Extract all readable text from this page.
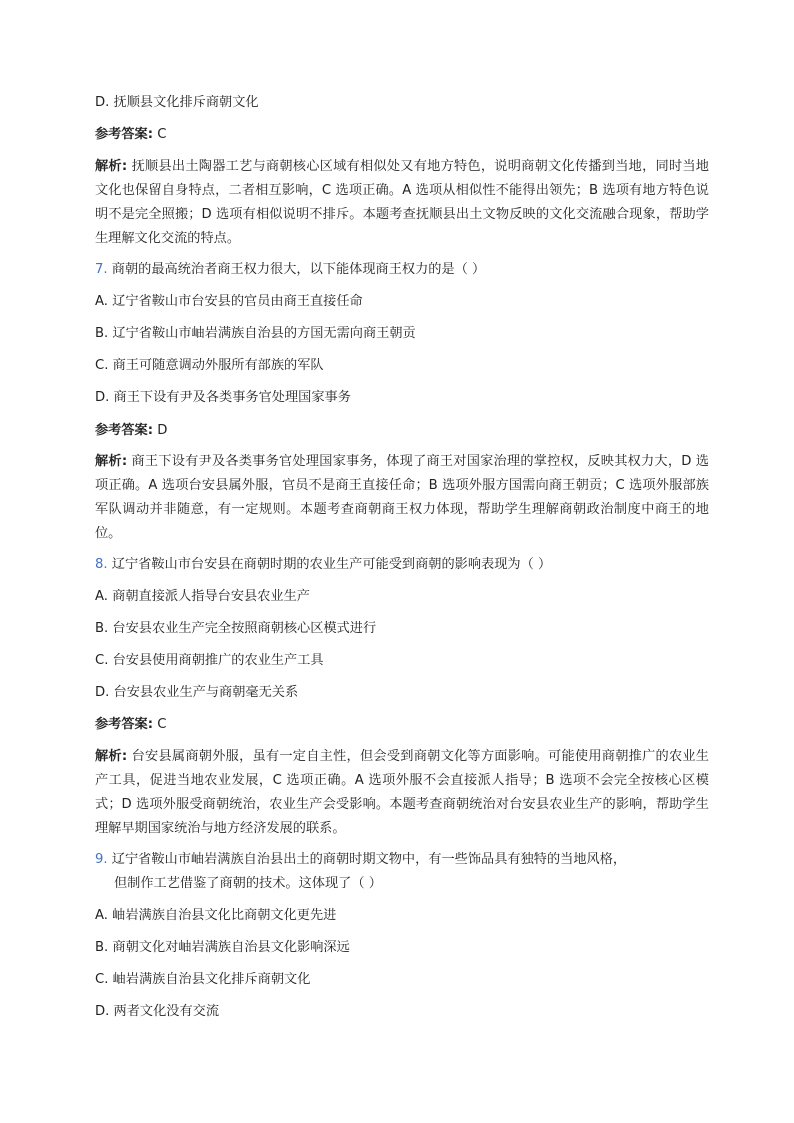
D. 抚顺县文化排斥商朝文化

参考答案: C

解析: 抚顺县出土陶器工艺与商朝核心区域有相似处又有地方特色，说明商朝文化传播到当地，同时当地文化也保留自身特点，二者相互影响，C 选项正确。A 选项从相似性不能得出领先；B 选项有地方特色说明不是完全照搬；D 选项有相似说明不排斥。本题考查抚顺县出土文物反映的文化交流融合现象，帮助学生理解文化交流的特点。

7. 商朝的最高统治者商王权力很大，以下能体现商王权力的是（ ）

A. 辽宁省鞍山市台安县的官员由商王直接任命

B. 辽宁省鞍山市岫岩满族自治县的方国无需向商王朝贡

C. 商王可随意调动外服所有部族的军队

D. 商王下设有尹及各类事务官处理国家事务

参考答案: D

解析: 商王下设有尹及各类事务官处理国家事务，体现了商王对国家治理的掌控权，反映其权力大，D 选项正确。A 选项台安县属外服，官员不是商王直接任命；B 选项外服方国需向商王朝贡；C 选项外服部族军队调动并非随意，有一定规则。本题考查商朝商王权力体现，帮助学生理解商朝政治制度中商王的地位。

8. 辽宁省鞍山市台安县在商朝时期的农业生产可能受到商朝的影响表现为（ ）

A. 商朝直接派人指导台安县农业生产

B. 台安县农业生产完全按照商朝核心区模式进行

C. 台安县使用商朝推广的农业生产工具

D. 台安县农业生产与商朝毫无关系

参考答案: C

解析: 台安县属商朝外服，虽有一定自主性，但会受到商朝文化等方面影响。可能使用商朝推广的农业生产工具，促进当地农业发展，C 选项正确。A 选项外服不会直接派人指导；B 选项不会完全按核心区模式；D 选项外服受商朝统治，农业生产会受影响。本题考查商朝统治对台安县农业生产的影响，帮助学生理解早期国家统治与地方经济发展的联系。

9. 辽宁省鞍山市岫岩满族自治县出土的商朝时期文物中，有一些饰品具有独特的当地风格，

但制作工艺借鉴了商朝的技术。这体现了（ ）

A. 岫岩满族自治县文化比商朝文化更先进

B. 商朝文化对岫岩满族自治县文化影响深远

C. 岫岩满族自治县文化排斥商朝文化

D. 两者文化没有交流
